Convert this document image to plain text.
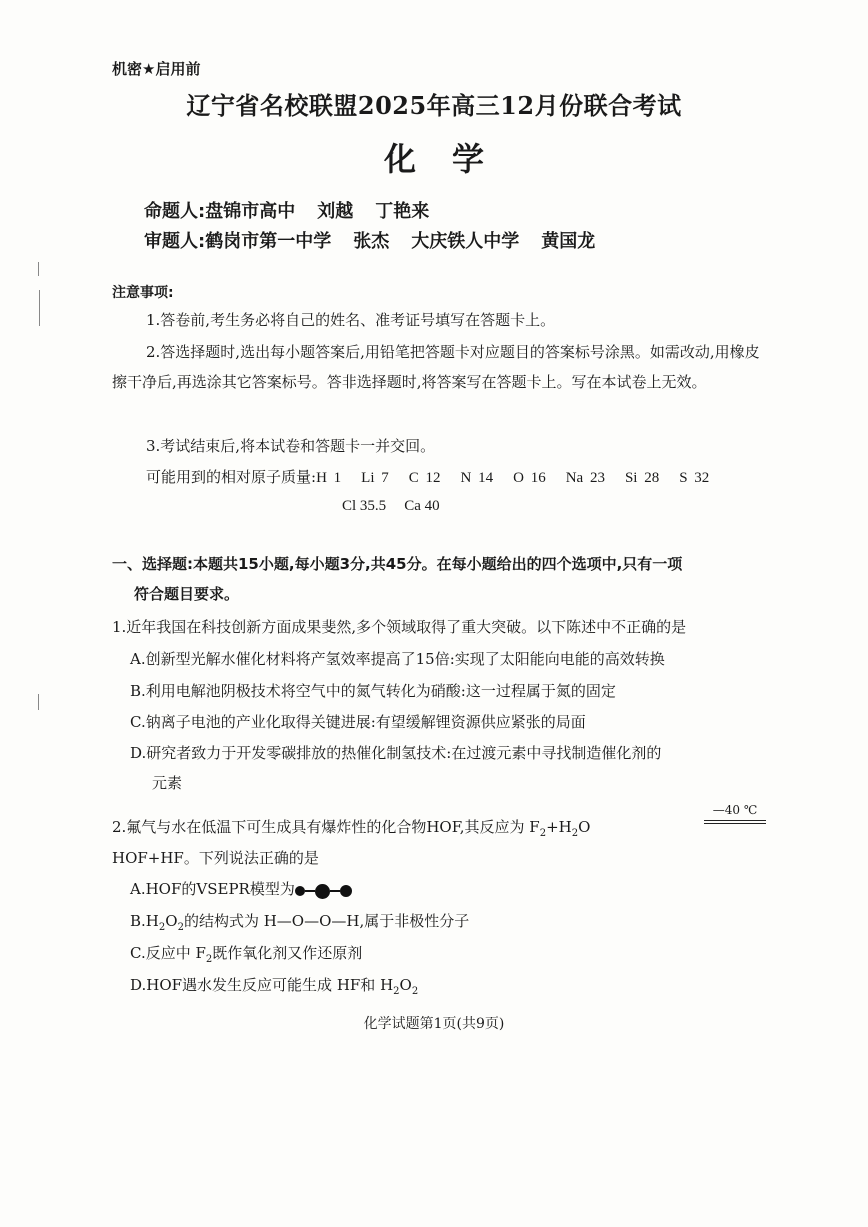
机密★启用前
辽宁省名校联盟2025年高三12月份联合考试
化学
命题人:盘锦市高中 刘越 丁艳来
审题人:鹤岗市第一中学 张杰 大庆铁人中学 黄国龙
注意事项:
1.答卷前,考生务必将自己的姓名、准考证号填写在答题卡上。
2.答选择题时,选出每小题答案后,用铅笔把答题卡对应题目的答案标号涂黑。如需改动,用橡皮擦干净后,再选涂其它答案标号。答非选择题时,将答案写在答题卡上。写在本试卷上无效。
3.考试结束后,将本试卷和答题卡一并交回。
可能用到的相对原子质量:H 1 Li 7 C 12 N 14 O 16 Na 23 Si 28 S 32
Cl 35.5 Ca 40
一、选择题:本题共15小题,每小题3分,共45分。在每小题给出的四个选项中,只有一项
符合题目要求。
1.近年我国在科技创新方面成果斐然,多个领域取得了重大突破。以下陈述中不正确的是
A.创新型光解水催化材料将产氢效率提高了15倍:实现了太阳能向电能的高效转换
B.利用电解池阴极技术将空气中的氮气转化为硝酸:这一过程属于氮的固定
C.钠离子电池的产业化取得关键进展:有望缓解锂资源供应紧张的局面
D.研究者致力于开发零碳排放的热催化制氢技术:在过渡元素中寻找制造催化剂的
元素
2.氟气与水在低温下可生成具有爆炸性的化合物HOF,其反应为 $F_2+H_2O$
—40 ℃
HOF+HF。下列说法正确的是
A.HOF的VSEPR模型为
$B.H_2O_2$的结构式为 H—O—O—H,属于非极性分子
C.反应中 $F_2$既作氧化剂又作还原剂
D.HOF遇水发生反应可能生成 HF和 $H_2O_2$
化学试题第1页(共9页)
